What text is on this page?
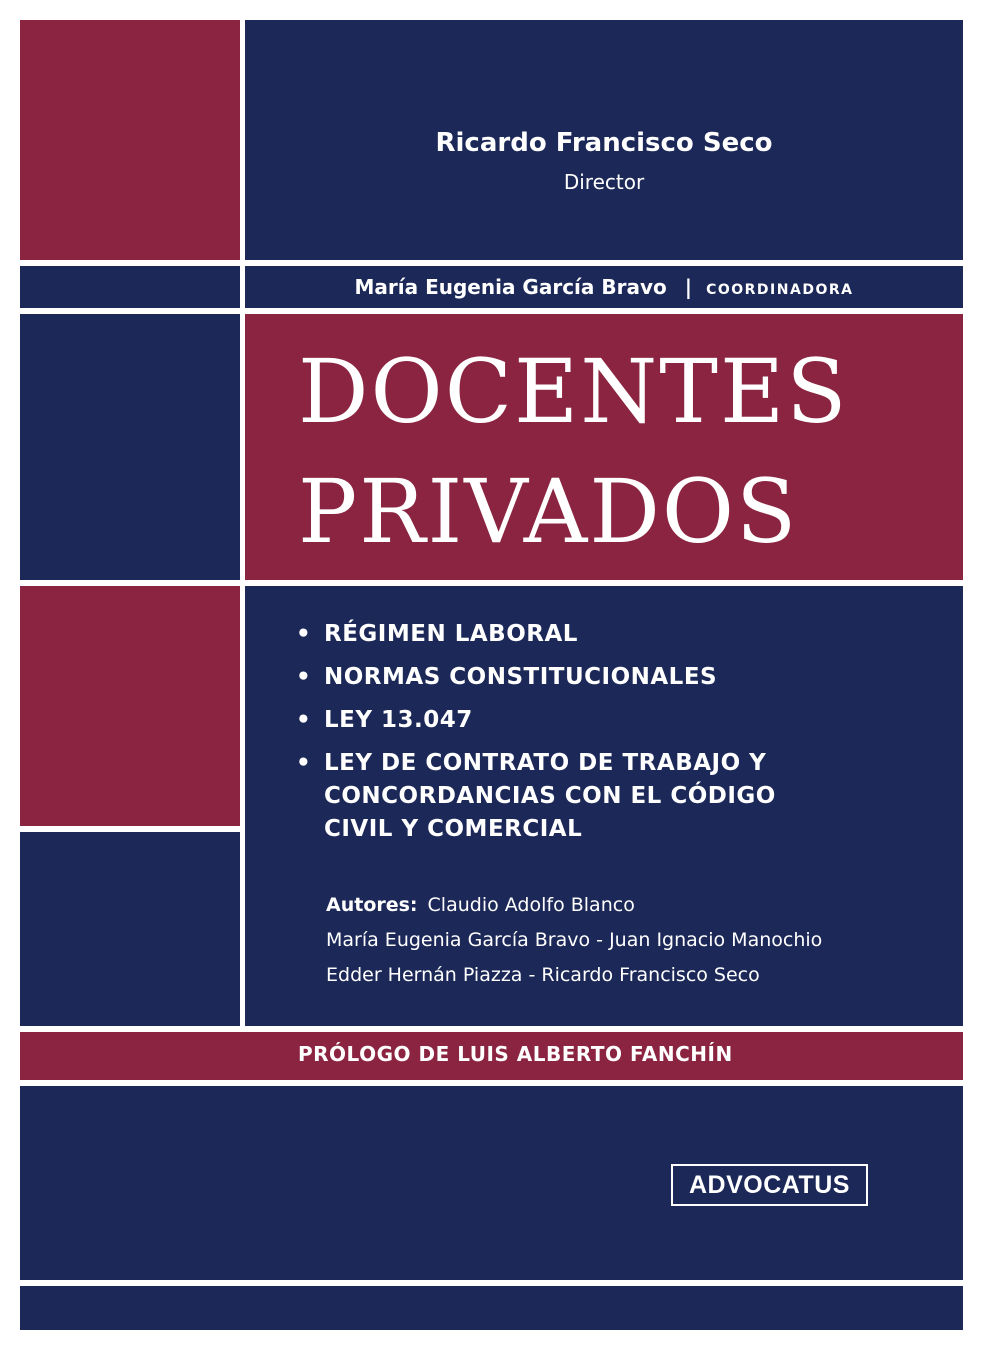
Ricardo Francisco Seco
Director
María Eugenia García Bravo | COORDINADORA
DOCENTES
PRIVADOS
• RÉGIMEN LABORAL
• NORMAS CONSTITUCIONALES
• LEY 13.047
• LEY DE CONTRATO DE TRABAJO Y
CONCORDANCIAS CON EL CÓDIGO
CIVIL Y COMERCIAL
Autores: Claudio Adolfo Blanco
María Eugenia García Bravo - Juan Ignacio Manochio
Edder Hernán Piazza - Ricardo Francisco Seco
PRÓLOGO DE LUIS ALBERTO FANCHÍN
ADVOCATUS
